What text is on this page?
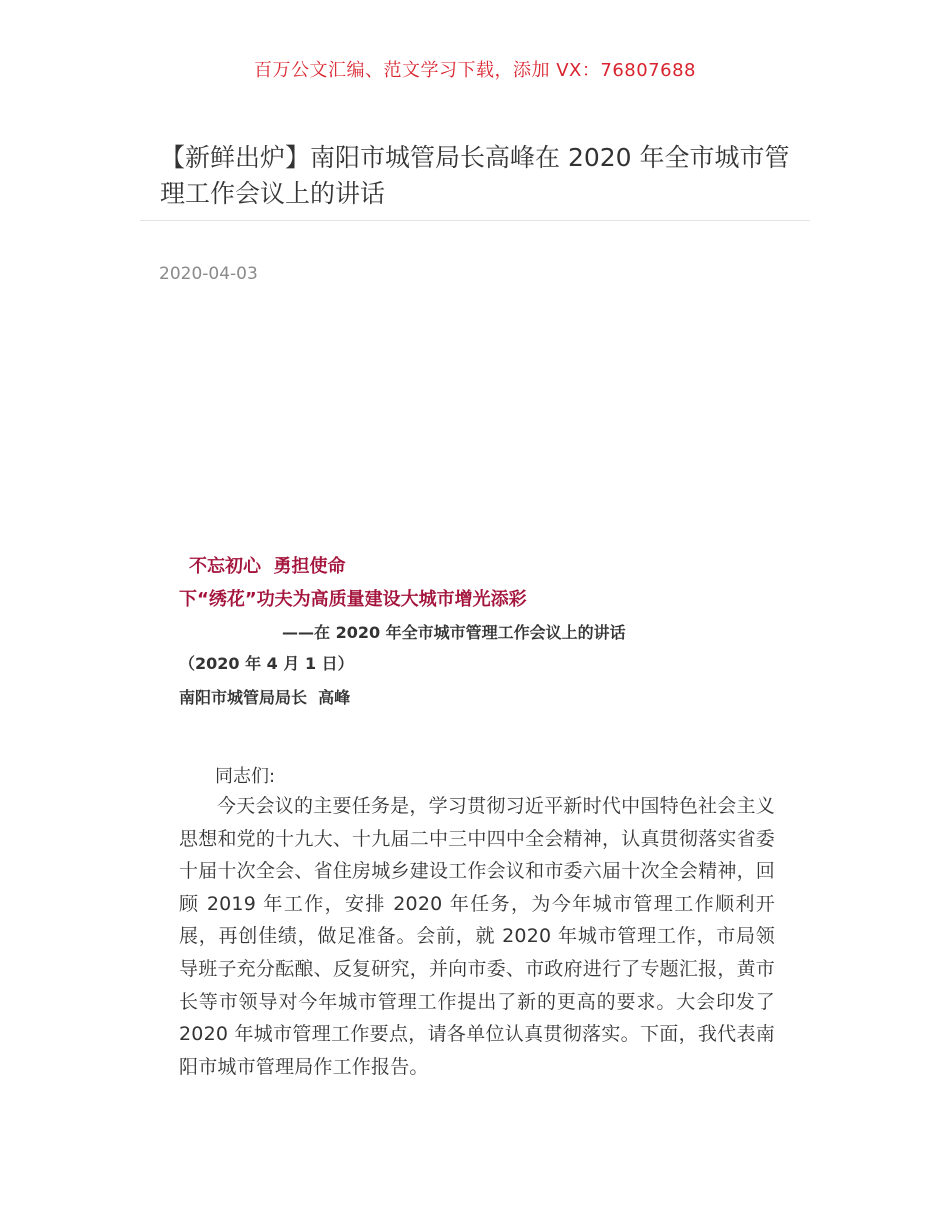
百万公文汇编、范文学习下载，添加 VX：76807688
【新鲜出炉】南阳市城管局长高峰在 2020 年全市城市管理工作会议上的讲话
2020-04-03
不忘初心  勇担使命
下“绣花”功夫为高质量建设大城市增光添彩
——在 2020 年全市城市管理工作会议上的讲话
（2020 年 4 月 1 日）
南阳市城管局局长  高峰
同志们:

今天会议的主要任务是，学习贯彻习近平新时代中国特色社会主义思想和党的十九大、十九届二中三中四中全会精神，认真贯彻落实省委十届十次全会、省住房城乡建设工作会议和市委六届十次全会精神，回顾 2019 年工作，安排 2020 年任务，为今年城市管理工作顺利开展，再创佳绩，做足准备。会前，就 2020 年城市管理工作，市局领导班子充分酝酿、反复研究，并向市委、市政府进行了专题汇报，黄市长等市领导对今年城市管理工作提出了新的更高的要求。大会印发了 2020 年城市管理工作要点，请各单位认真贯彻落实。下面，我代表南阳市城市管理局作工作报告。
